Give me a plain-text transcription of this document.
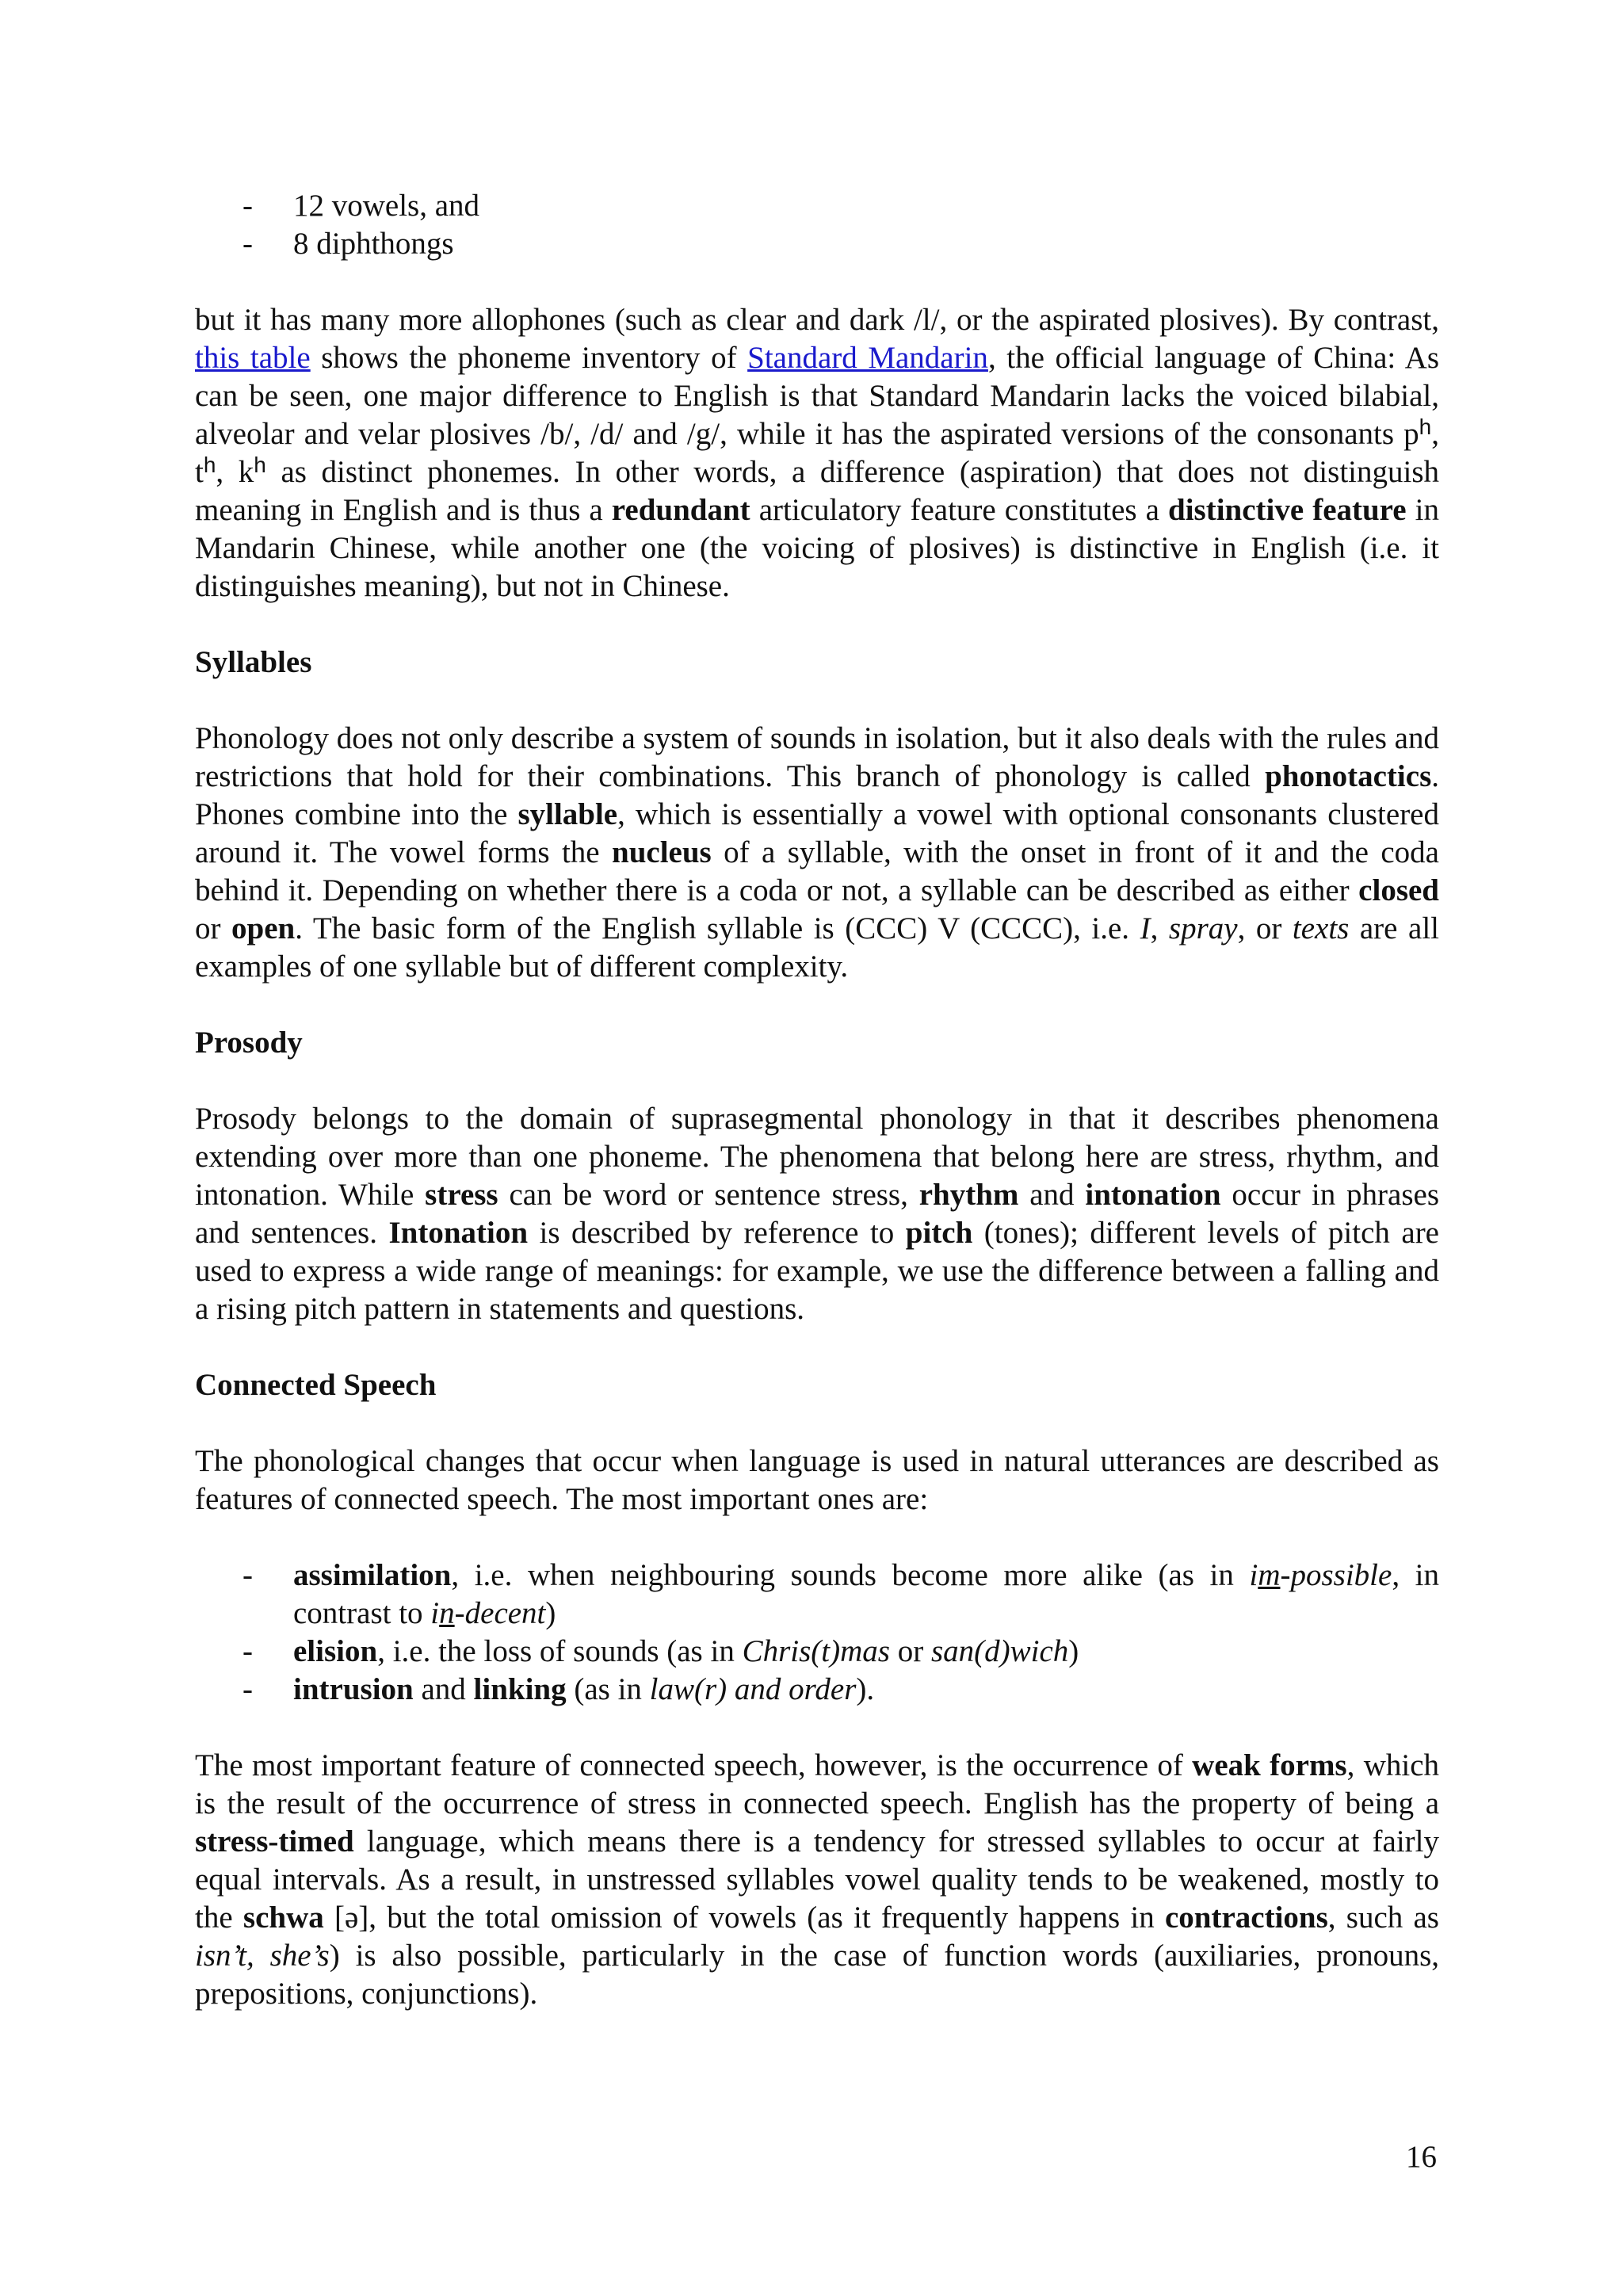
- 12 vowels, and
- 8 diphthongs

but it has many more allophones (such as clear and dark /l/, or the aspirated plosives). By contrast, this table shows the phoneme inventory of Standard Mandarin, the official language of China: As can be seen, one major difference to English is that Standard Mandarin lacks the voiced bilabial, alveolar and velar plosives /b/, /d/ and /g/, while it has the aspirated versions of the consonants $p^h$, $t^h$, $k^h$ as distinct phonemes. In other words, a difference (aspiration) that does not distinguish meaning in English and is thus a redundant articulatory feature constitutes a distinctive feature in Mandarin Chinese, while another one (the voicing of plosives) is distinctive in English (i.e. it distinguishes meaning), but not in Chinese.

Syllables

Phonology does not only describe a system of sounds in isolation, but it also deals with the rules and restrictions that hold for their combinations. This branch of phonology is called phonotactics. Phones combine into the syllable, which is essentially a vowel with optional consonants clustered around it. The vowel forms the nucleus of a syllable, with the onset in front of it and the coda behind it. Depending on whether there is a coda or not, a syllable can be described as either closed or open. The basic form of the English syllable is (CCC) V (CCCC), i.e. I, spray, or texts are all examples of one syllable but of different complexity.

Prosody

Prosody belongs to the domain of suprasegmental phonology in that it describes phenomena extending over more than one phoneme. The phenomena that belong here are stress, rhythm, and intonation. While stress can be word or sentence stress, rhythm and intonation occur in phrases and sentences. Intonation is described by reference to pitch (tones); different levels of pitch are used to express a wide range of meanings: for example, we use the difference between a falling and a rising pitch pattern in statements and questions.

Connected Speech

The phonological changes that occur when language is used in natural utterances are described as features of connected speech. The most important ones are:

- assimilation, i.e. when neighbouring sounds become more alike (as in im-possible, in contrast to in-decent)
- elision, i.e. the loss of sounds (as in Chris(t)mas or san(d)wich)
- intrusion and linking (as in law(r) and order).

The most important feature of connected speech, however, is the occurrence of weak forms, which is the result of the occurrence of stress in connected speech. English has the property of being a stress-timed language, which means there is a tendency for stressed syllables to occur at fairly equal intervals. As a result, in unstressed syllables vowel quality tends to be weakened, mostly to the schwa [ə], but the total omission of vowels (as it frequently happens in contractions, such as isn’t, she’s) is also possible, particularly in the case of function words (auxiliaries, pronouns, prepositions, conjunctions).

16
